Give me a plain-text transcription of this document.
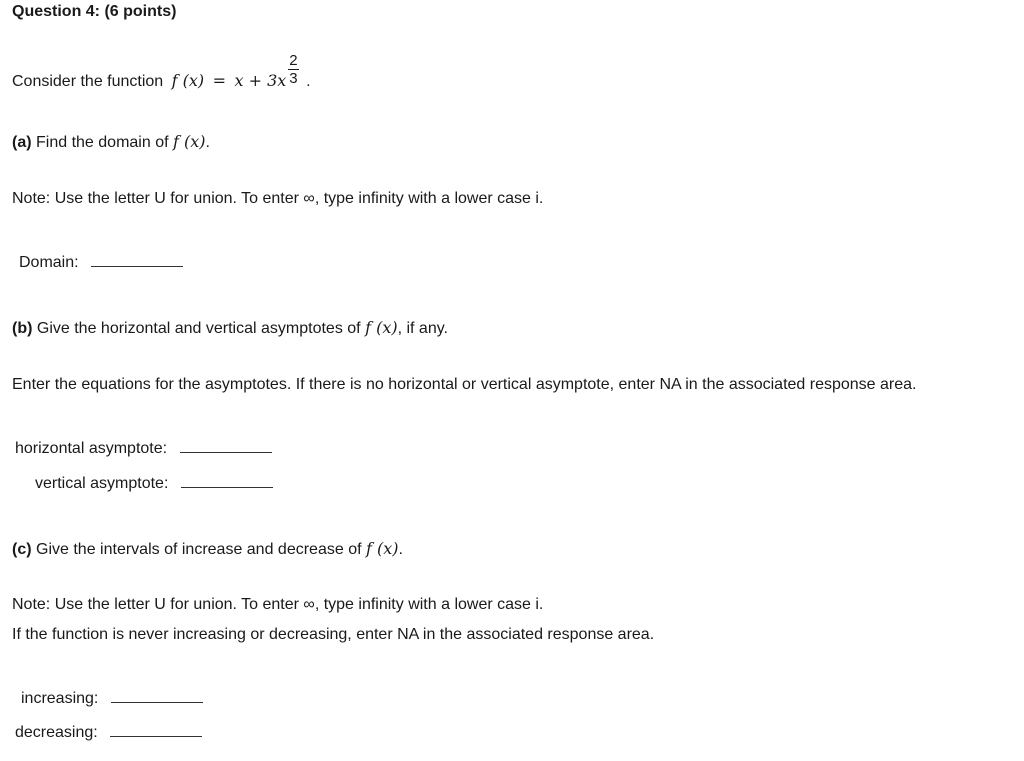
Question 4: (6 points)
Consider the function f $(x) = x + 3x \frac{2}{3}$ .
(a) Find the domain of f (x).
Note: Use the letter U for union. To enter ∞, type infinity with a lower case i.
Domain:
(b) Give the horizontal and vertical asymptotes of f (x), if any.
Enter the equations for the asymptotes. If there is no horizontal or vertical asymptote, enter NA in the associated response area.
horizontal asymptote:
vertical asymptote:
(c) Give the intervals of increase and decrease of f (x).
Note: Use the letter U for union. To enter ∞, type infinity with a lower case i.
If the function is never increasing or decreasing, enter NA in the associated response area.
increasing:
decreasing:
